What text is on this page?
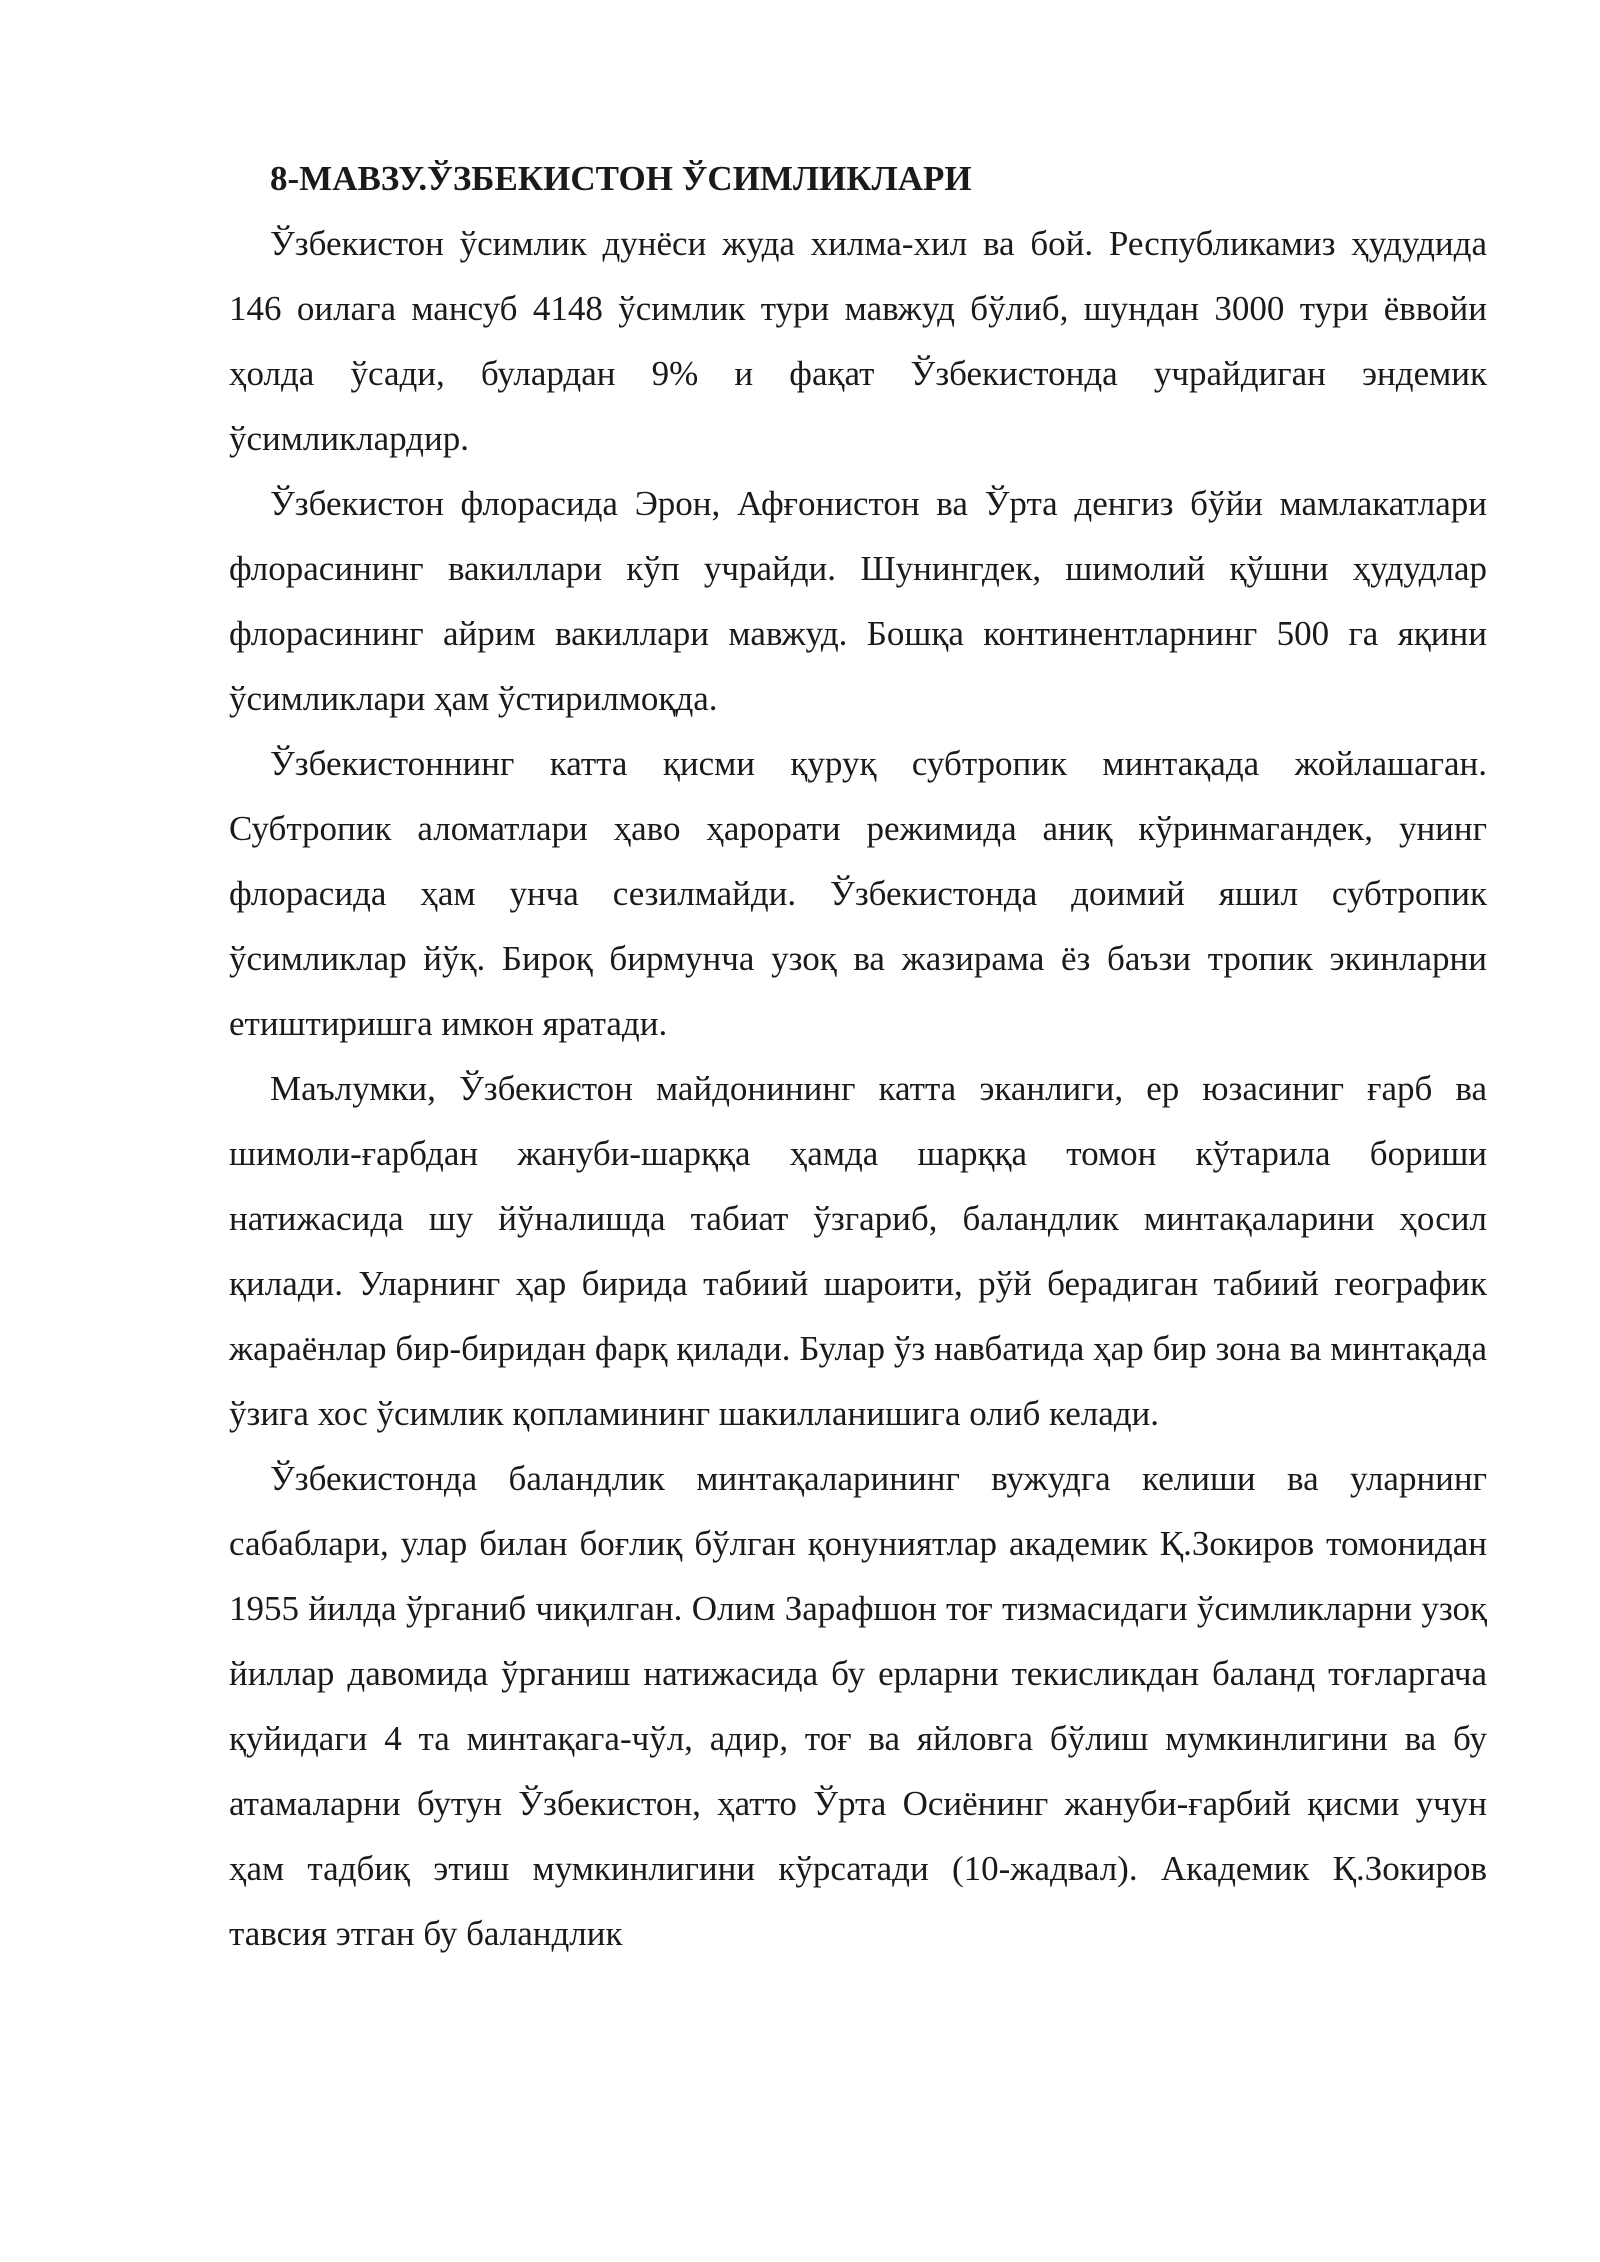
8-МАВЗУ.ЎЗБЕКИСТОН ЎСИМЛИКЛАРИ

Ўзбекистон ўсимлик дунёси жуда хилма-хил ва бой. Республикамиз ҳудудида 146 оилага мансуб 4148 ўсимлик тури мавжуд бўлиб, шундан 3000 тури ёввойи ҳолда ўсади, булардан 9% и фақат Ўзбекистонда учрайдиган эндемик ўсимликлардир.

Ўзбекистон флорасида Эрон, Афғонистон ва Ўрта денгиз бўйи мамлакатлари флорасининг вакиллари кўп учрайди. Шунингдек, шимолий қўшни ҳудудлар флорасининг айрим вакиллари мавжуд. Бошқа континентларнинг 500 га яқини ўсимликлари ҳам ўстирилмоқда.

Ўзбекистоннинг катта қисми қуруқ субтропик минтақада жойлашаган. Субтропик аломатлари ҳаво ҳарорати режимида аниқ кўринмагандек, унинг флорасида ҳам унча сезилмайди. Ўзбекистонда доимий яшил субтропик ўсимликлар йўқ. Бироқ бирмунча узоқ ва жазирама ёз баъзи тропик экинларни етиштиришга имкон яратади.

Маълумки, Ўзбекистон майдонининг катта эканлиги, ер юзасиниг ғарб ва шимоли-ғарбдан жануби-шарққа ҳамда шарққа томон кўтарила бориши натижасида шу йўналишда табиат ўзгариб, баландлик минтақаларини ҳосил қилади. Уларнинг ҳар бирида табиий шароити, рўй берадиган табиий географик жараёнлар бир-биридан фарқ қилади. Булар ўз навбатида ҳар бир зона ва минтақада ўзига хос ўсимлик қопламининг шакилланишига олиб келади.

Ўзбекистонда баландлик минтақаларининг вужудга келиши ва уларнинг сабаблари, улар билан боғлиқ бўлган қонуниятлар академик Қ.Зокиров томонидан 1955 йилда ўрганиб чиқилган. Олим Зарафшон тоғ тизмасидаги ўсимликларни узоқ йиллар давомида ўрганиш натижасида бу ерларни текисликдан баланд тоғларгача қуйидаги 4 та минтақага-чўл, адир, тоғ ва яйловга бўлиш мумкинлигини ва бу атамаларни бутун Ўзбекистон, ҳатто Ўрта Осиёнинг жануби-ғарбий қисми учун ҳам тадбиқ этиш мумкинлигини кўрсатади (10-жадвал). Академик Қ.Зокиров тавсия этган бу баландлик
